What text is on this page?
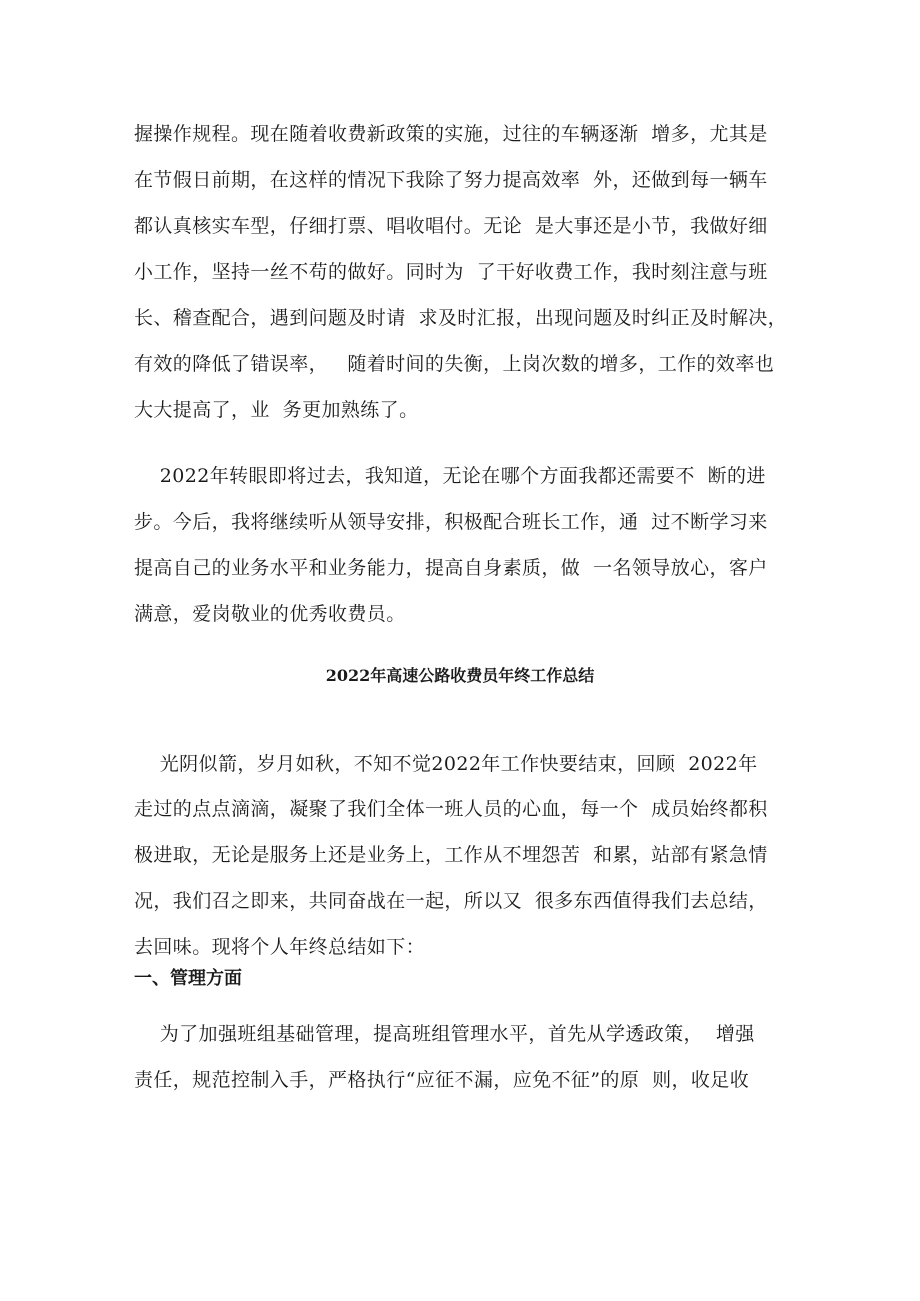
握操作规程。现在随着收费新政策的实施，过往的车辆逐渐  增多，尤其是
在节假日前期，在这样的情况下我除了努力提高效率  外，还做到每一辆车
都认真核实车型，仔细打票、唱收唱付。无论  是大事还是小节，我做好细
小工作，坚持一丝不苟的做好。同时为  了干好收费工作，我时刻注意与班
长、稽查配合，遇到问题及时请  求及时汇报，出现问题及时纠正及时解决，
有效的降低了错误率，   随着时间的失衡，上岗次数的增多，工作的效率也
大大提高了，业  务更加熟练了。
2022年转眼即将过去，我知道，无论在哪个方面我都还需要不  断的进
步。今后，我将继续听从领导安排，积极配合班长工作，通  过不断学习来
提高自己的业务水平和业务能力，提高自身素质，做  一名领导放心，客户
满意，爱岗敬业的优秀收费员。
2022年高速公路收费员年终工作总结
光阴似箭，岁月如秋，不知不觉2022年工作快要结束，回顾  2022年
走过的点点滴滴，凝聚了我们全体一班人员的心血，每一个  成员始终都积
极进取，无论是服务上还是业务上，工作从不埋怨苦  和累，站部有紧急情
况，我们召之即来，共同奋战在一起，所以又  很多东西值得我们去总结，
去回味。现将个人年终总结如下：
一、管理方面
为了加强班组基础管理，提高班组管理水平，首先从学透政策，  增强
责任，规范控制入手，严格执行“应征不漏，应免不征”的原  则，收足收
